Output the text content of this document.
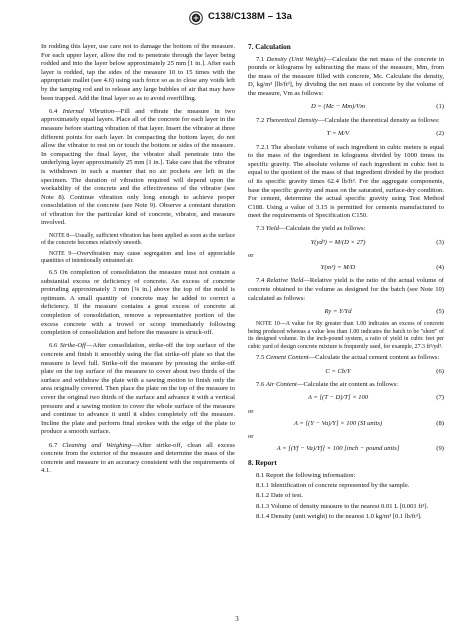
C138/C138M – 13a

In rodding this layer, use care not to damage the bottom of the measure. For each upper layer, allow the rod to penetrate through the layer being rodded and into the layer below approximately 25 mm [1 in.]. After each layer is rodded, tap the sides of the measure 10 to 15 times with the appropriate mallet (see 4.6) using such force so as to close any voids left by the tamping rod and to release any large bubbles of air that may have been trapped. Add the final layer so as to avoid overfilling.

6.4 Internal Vibration—Fill and vibrate the measure in two approximately equal layers. Place all of the concrete for each layer in the measure before starting vibration of that layer. Insert the vibrator at three different points for each layer. In compacting the bottom layer, do not allow the vibrator to rest on or touch the bottom or sides of the measure. In compacting the final layer, the vibrator shall penetrate into the underlying layer approximately 25 mm [1 in.]. Take care that the vibrator is withdrawn in such a manner that no air pockets are left in the specimen. The duration of vibration required will depend upon the workability of the concrete and the effectiveness of the vibrator (see Note 8). Continue vibration only long enough to achieve proper consolidation of the concrete (see Note 9). Observe a constant duration of vibration for the particular kind of concrete, vibrator, and measure involved.

NOTE 8—Usually, sufficient vibration has been applied as soon as the surface of the concrete becomes relatively smooth.

NOTE 9—Overvibration may cause segregation and loss of appreciable quantities of intentionally entrained air.

6.5 On completion of consolidation the measure must not contain a substantial excess or deficiency of concrete. An excess of concrete protruding approximately 3 mm [⅛ in.] above the top of the mold is optimum. A small quantity of concrete may be added to correct a deficiency. If the measure contains a great excess of concrete at completion of consolidation, remove a representative portion of the excess concrete with a trowel or scoop immediately following completion of consolidation and before the measure is struck-off.

6.6 Strike-Off—After consolidation, strike-off the top surface of the concrete and finish it smoothly using the flat strike-off plate so that the measure is level full. Strike-off the measure by pressing the strike-off plate on the top surface of the measure to cover about two thirds of the surface and withdraw the plate with a sawing motion to finish only the area originally covered. Then place the plate on the top of the measure to cover the original two thirds of the surface and advance it with a vertical pressure and a sawing motion to cover the whole surface of the measure and continue to advance it until it slides completely off the measure. Incline the plate and perform final strokes with the edge of the plate to produce a smooth surface.

6.7 Cleaning and Weighing—After strike-off, clean all excess concrete from the exterior of the measure and determine the mass of the concrete and measure to an accuracy consistent with the requirements of 4.1.

7. Calculation

7.1 Density (Unit Weight)—Calculate the net mass of the concrete in pounds or kilograms by subtracting the mass of the measure, Mm, from the mass of the measure filled with concrete, Mc. Calculate the density, D, kg/m³ [lb/ft³], by dividing the net mass of concrete by the volume of the measure, Vm as follows:

D = (Mc − Mm)/Vm	(1)

7.2 Theoretical Density—Calculate the theoretical density as follows:

T = M/V	(2)

7.2.1 The absolute volume of each ingredient in cubic meters is equal to the mass of the ingredient in kilograms divided by 1000 times its specific gravity. The absolute volume of each ingredient in cubic feet is equal to the quotient of the mass of that ingredient divided by the product of its specific gravity times 62.4 lb/ft³. For the aggregate components, base the specific gravity and mass on the saturated, surface-dry condition. For cement, determine the actual specific gravity using Test Method C188. Using a value of 3.15 is permitted for cements manufactured to meet the requirements of Specification C150.

7.3 Yield—Calculate the yield as follows:

Y(yd³) = M/(D × 27)	(3)

or

Y(m³) = M/D	(4)

7.4 Relative Yield—Relative yield is the ratio of the actual volume of concrete obtained to the volume as designed for the batch (see Note 10) calculated as follows:

Ry = Y/Yd	(5)

NOTE 10—A value for Ry greater than 1.00 indicates an excess of concrete being produced whereas a value less than 1.00 indicates the batch to be "short" of its designed volume. In the inch-pound system, a ratio of yield in cubic feet per cubic yard of design concrete mixture is frequently used, for example, 27.3 ft³/yd³.

7.5 Cement Content—Calculate the actual cement content as follows:

C = Cb/Y	(6)

7.6 Air Content—Calculate the air content as follows:

A = [(T − D)/T] × 100	(7)

or

A = [(Y − Va)/Y] × 100 (SI units)	(8)

or

A = [(Yf − Va)/Yf] × 100 [inch − pound units]	(9)

8. Report

8.1 Report the following information:

8.1.1 Identification of concrete represented by the sample.

8.1.2 Date of test.

8.1.3 Volume of density measure to the nearest 0.01 L [0.001 ft³].

8.1.4 Density (unit weight) to the nearest 1.0 kg/m³ [0.1 lb/ft³].

3
